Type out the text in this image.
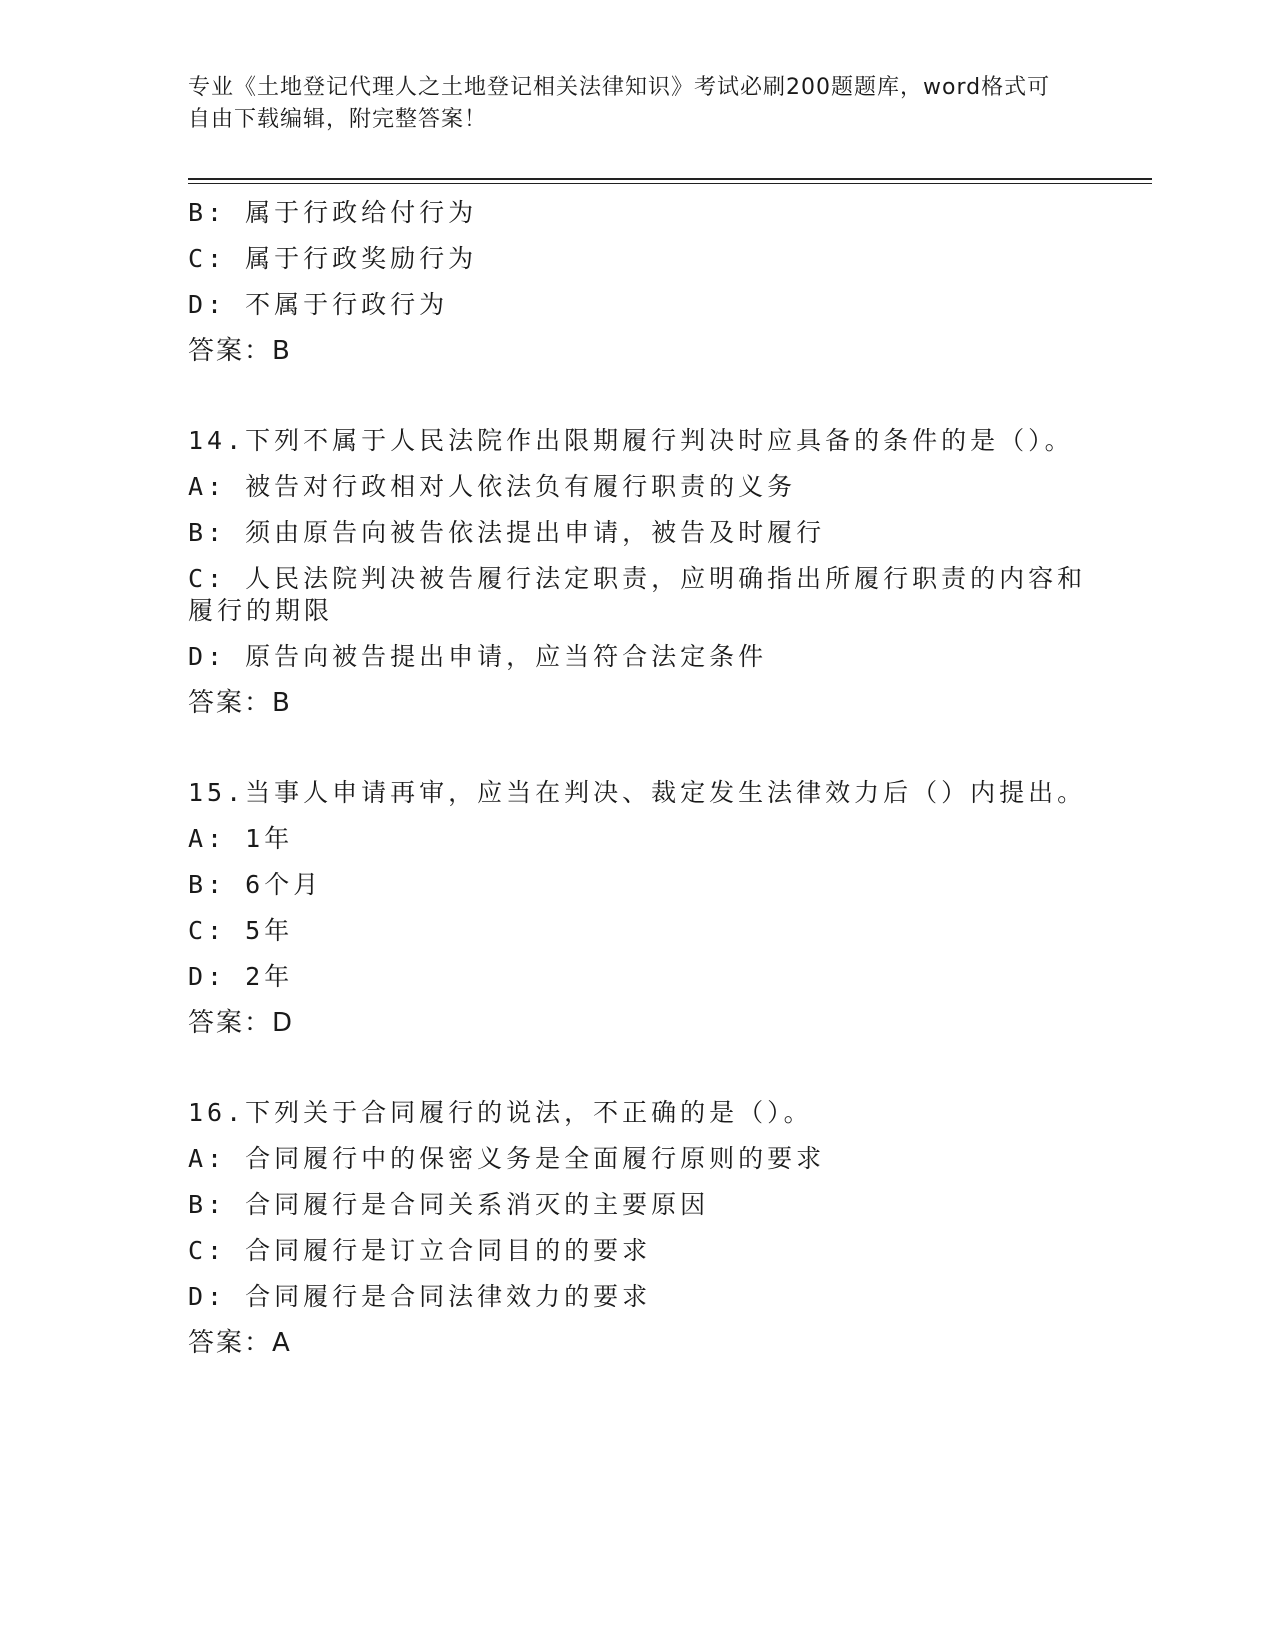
专业《土地登记代理人之土地登记相关法律知识》考试必刷200题题库，word格式可自由下载编辑，附完整答案！
B: 属于行政给付行为
C: 属于行政奖励行为
D: 不属于行政行为
答案：B
14.下列不属于人民法院作出限期履行判决时应具备的条件的是（）。
A: 被告对行政相对人依法负有履行职责的义务
B: 须由原告向被告依法提出申请，被告及时履行
C: 人民法院判决被告履行法定职责，应明确指出所履行职责的内容和履行的期限
D: 原告向被告提出申请，应当符合法定条件
答案：B
15.当事人申请再审，应当在判决、裁定发生法律效力后（）内提出。
A: 1年
B: 6个月
C: 5年
D: 2年
答案：D
16.下列关于合同履行的说法，不正确的是（）。
A: 合同履行中的保密义务是全面履行原则的要求
B: 合同履行是合同关系消灭的主要原因
C: 合同履行是订立合同目的的要求
D: 合同履行是合同法律效力的要求
答案：A
